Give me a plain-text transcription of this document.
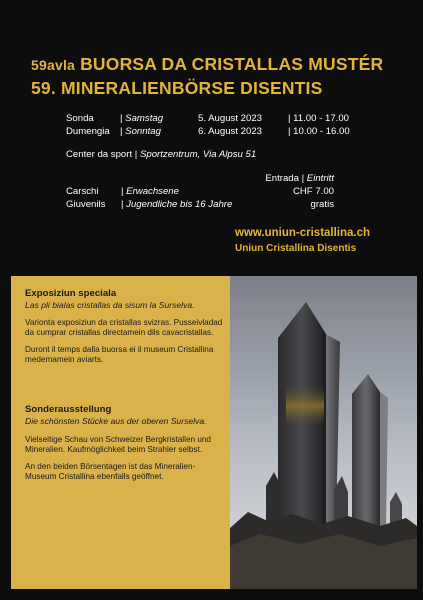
59avla BUORSA DA CRISTALLAS MUSTÉR
59. MINERALIENBÖRSE DISENTIS
Sonda	| Samstag	5. August 2023	| 11.00 - 17.00
Dumengia	| Sonntag	6. August 2023	| 10.00 - 16.00
Center da sport | Sportzentrum, Via Alpsu 51
Entrada | Eintritt
Carschi	| Erwachsene	CHF 7.00
Giuvenils	| Jugendliche bis 16 Jahre	gratis
www.uniun-cristallina.ch
Uniun Cristallina Disentis
Exposiziun speciala
Las pli bialas cristallas da sisum la Surselva.
Varionta exposiziun da cristallas svizras. Pusseivladad da cumprar cristallas directamein dils cavacristallas.
Duront il temps dalla buorsa ei il museum Cristallina medemamein aviarts.
Sonderausstellung
Die schönsten Stücke aus der oberen Surselva.
Vielseitige Schau von Schweizer Bergkristallen und Mineralien. Kaufmöglichkeit beim Strahler selbst.
An den beiden Börsentagen ist das Mineralien-Museum Cristallina ebenfalls geöffnet.
